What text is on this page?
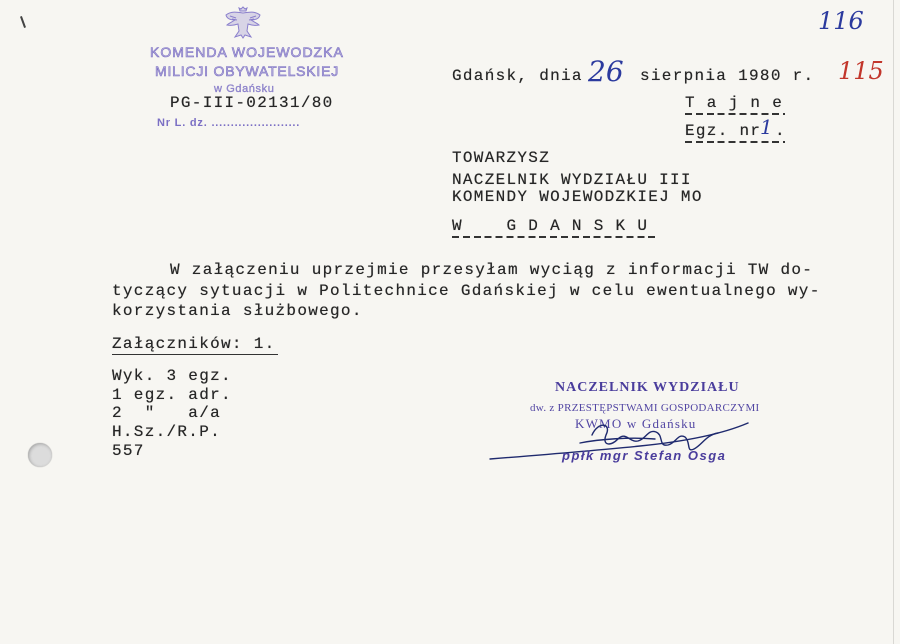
KOMENDA WOJEWODZKA
MILICJI OBYWATELSKIEJ
w Gdańsku
PG-III-02131/80
Nr L. dz. .......................
116
115
Gdańsk, dnia 26 sierpnia 1980 r.
T a j n e
Egz. nr
1 .
TOWARZYSZ
NACZELNIK WYDZIAŁU III
KOMENDY WOJEWODZKIEJ MO
W    G D A N S K U
W załączeniu uprzejmie przesyłam wyciąg z informacji TW do-
tyczący sytuacji w Politechnice Gdańskiej w celu ewentualnego wy-
korzystania służbowego.
Załączników: 1.
Wyk. 3 egz.
1 egz. adr.
2  "   a/a
H.Sz./R.P.
557
NACZELNIK WYDZIAŁU
dw. z PRZESTĘPSTWAMI GOSPODARCZYMI
KWMO w Gdańsku
ppłk mgr Stefan Osga
